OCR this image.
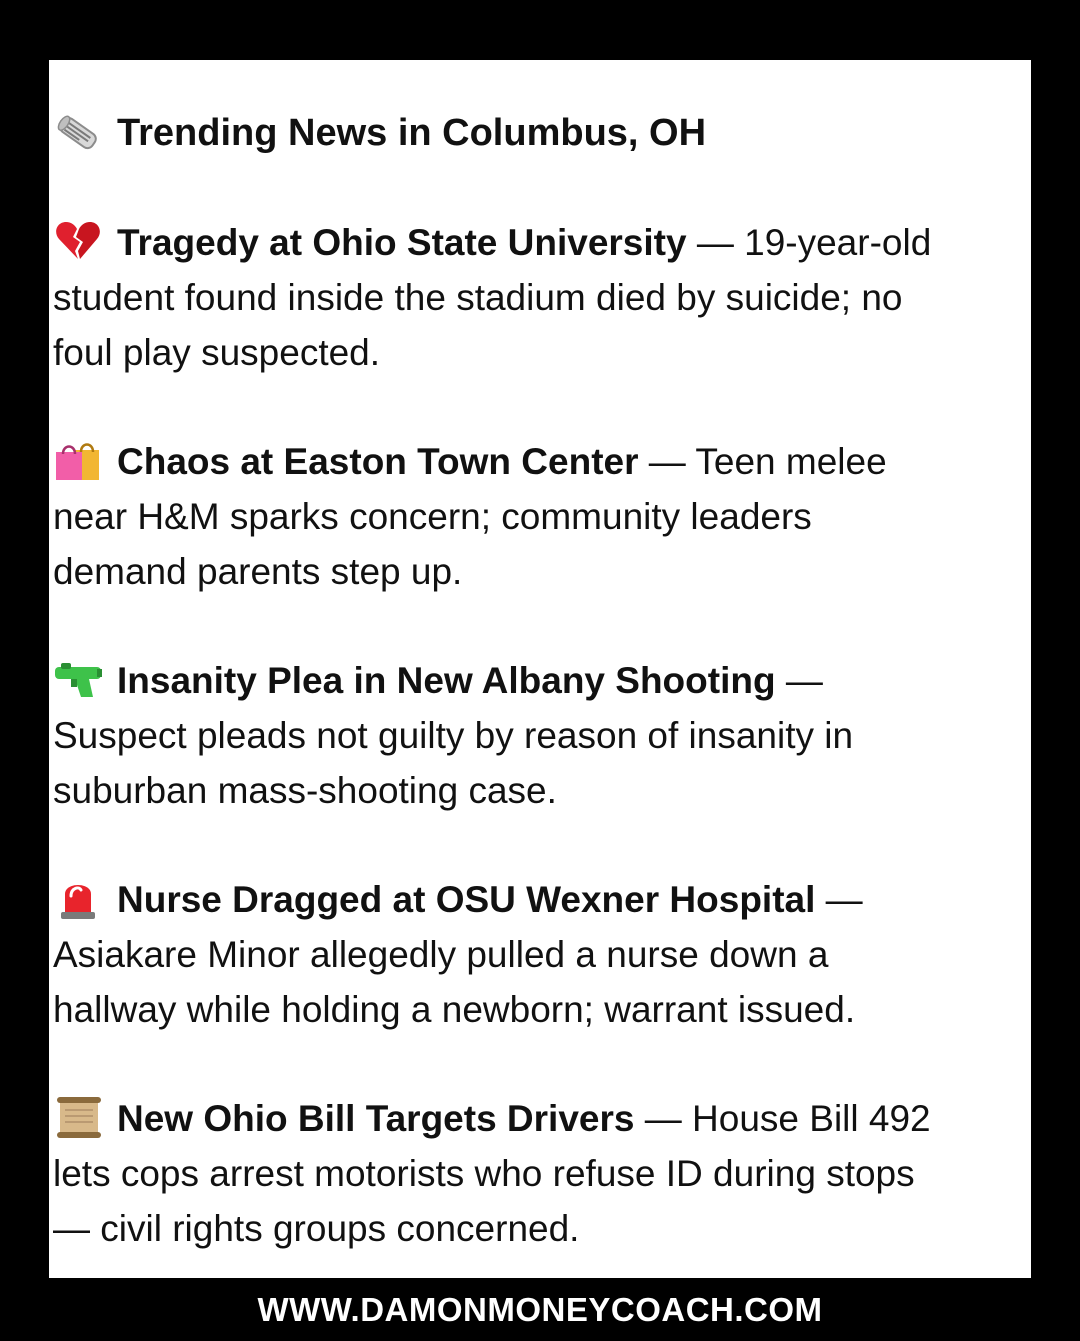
Trending News in Columbus, OH
Tragedy at Ohio State University — 19-year-old student found inside the stadium died by suicide; no foul play suspected.
Chaos at Easton Town Center — Teen melee near H&M sparks concern; community leaders demand parents step up.
Insanity Plea in New Albany Shooting — Suspect pleads not guilty by reason of insanity in suburban mass-shooting case.
Nurse Dragged at OSU Wexner Hospital — Asiakare Minor allegedly pulled a nurse down a hallway while holding a newborn; warrant issued.
New Ohio Bill Targets Drivers — House Bill 492 lets cops arrest motorists who refuse ID during stops — civil rights groups concerned.
WWW.DAMONMONEYCOACH.COM
